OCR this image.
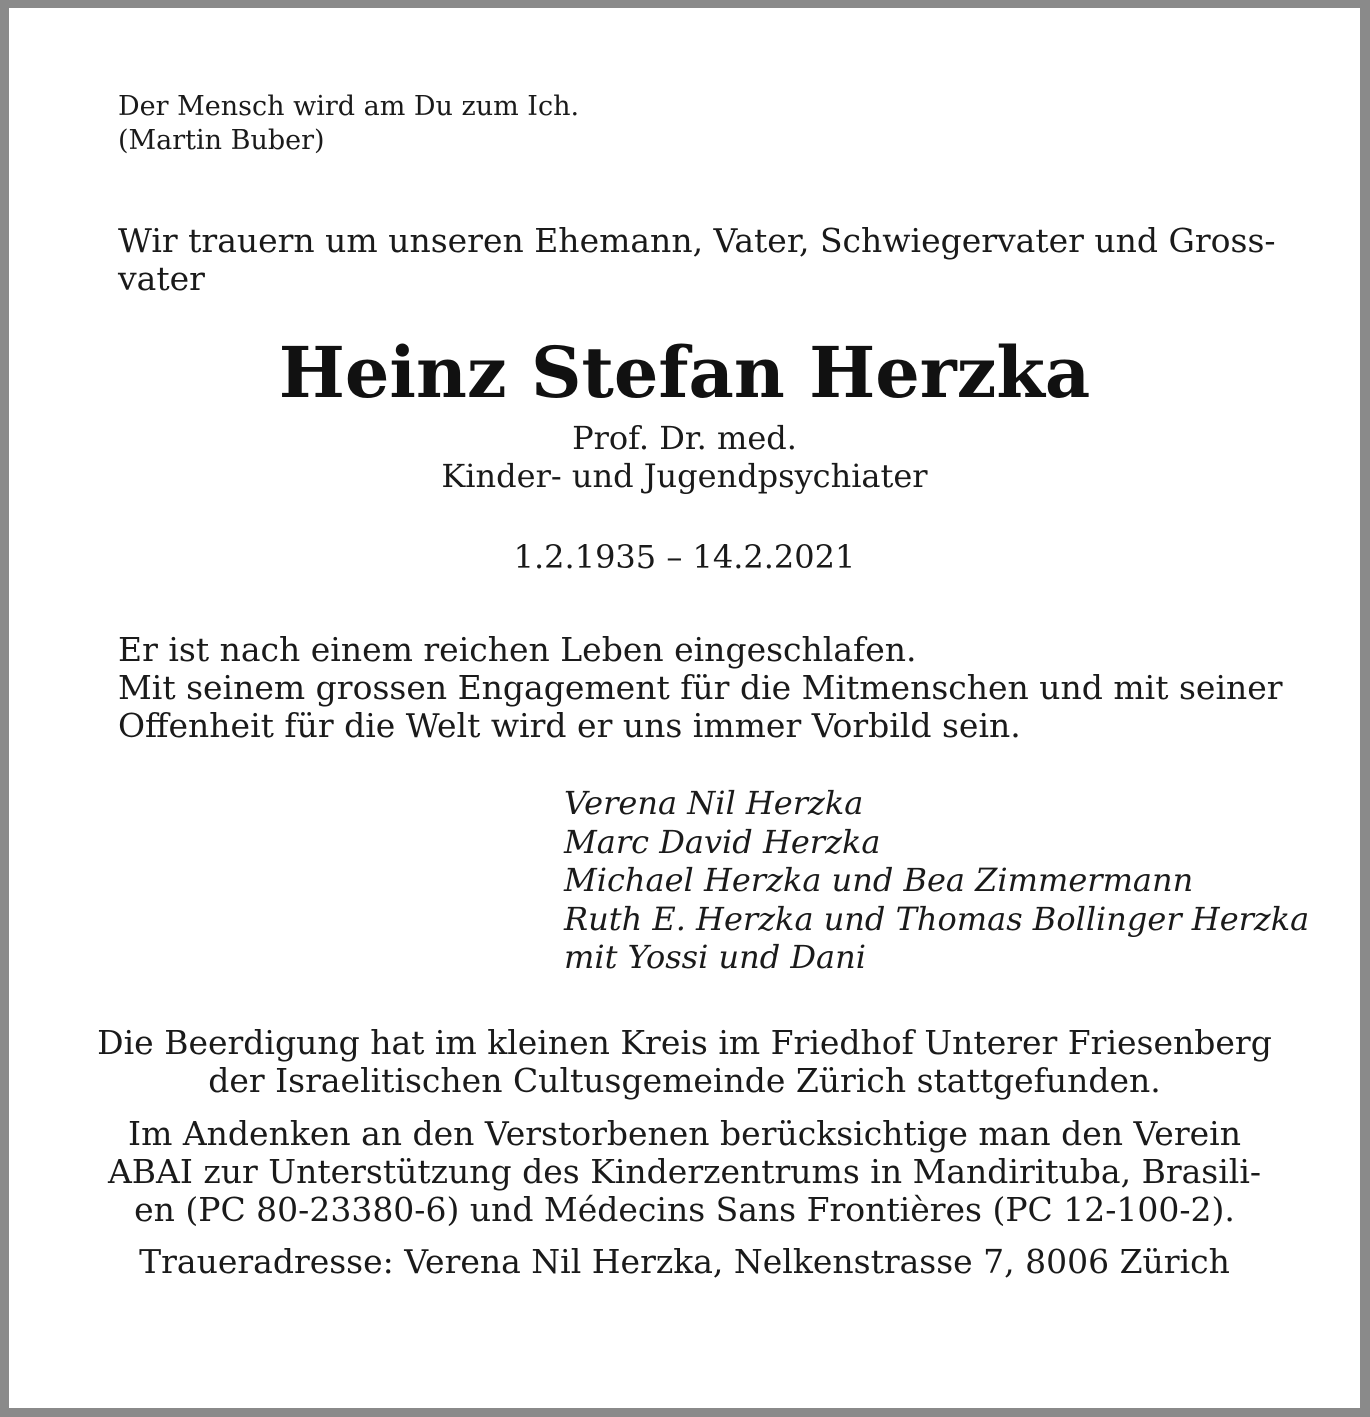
Der Mensch wird am Du zum Ich.
(Martin Buber)
Wir trauern um unseren Ehemann, Vater, Schwiegervater und Gross-
vater
Heinz Stefan Herzka
Prof. Dr. med.
Kinder- und Jugendpsychiater
1.2.1935 – 14.2.2021
Er ist nach einem reichen Leben eingeschlafen.
Mit seinem grossen Engagement für die Mitmenschen und mit seiner
Offenheit für die Welt wird er uns immer Vorbild sein.
Verena Nil Herzka
Marc David Herzka
Michael Herzka und Bea Zimmermann
Ruth E. Herzka und Thomas Bollinger Herzka
mit Yossi und Dani
Die Beerdigung hat im kleinen Kreis im Friedhof Unterer Friesenberg
der Israelitischen Cultusgemeinde Zürich stattgefunden.
Im Andenken an den Verstorbenen berücksichtige man den Verein
ABAI zur Unterstützung des Kinderzentrums in Mandirituba, Brasili-
en (PC 80-23380-6) und Médecins Sans Frontières (PC 12-100-2).
Traueradresse: Verena Nil Herzka, Nelkenstrasse 7, 8006 Zürich
